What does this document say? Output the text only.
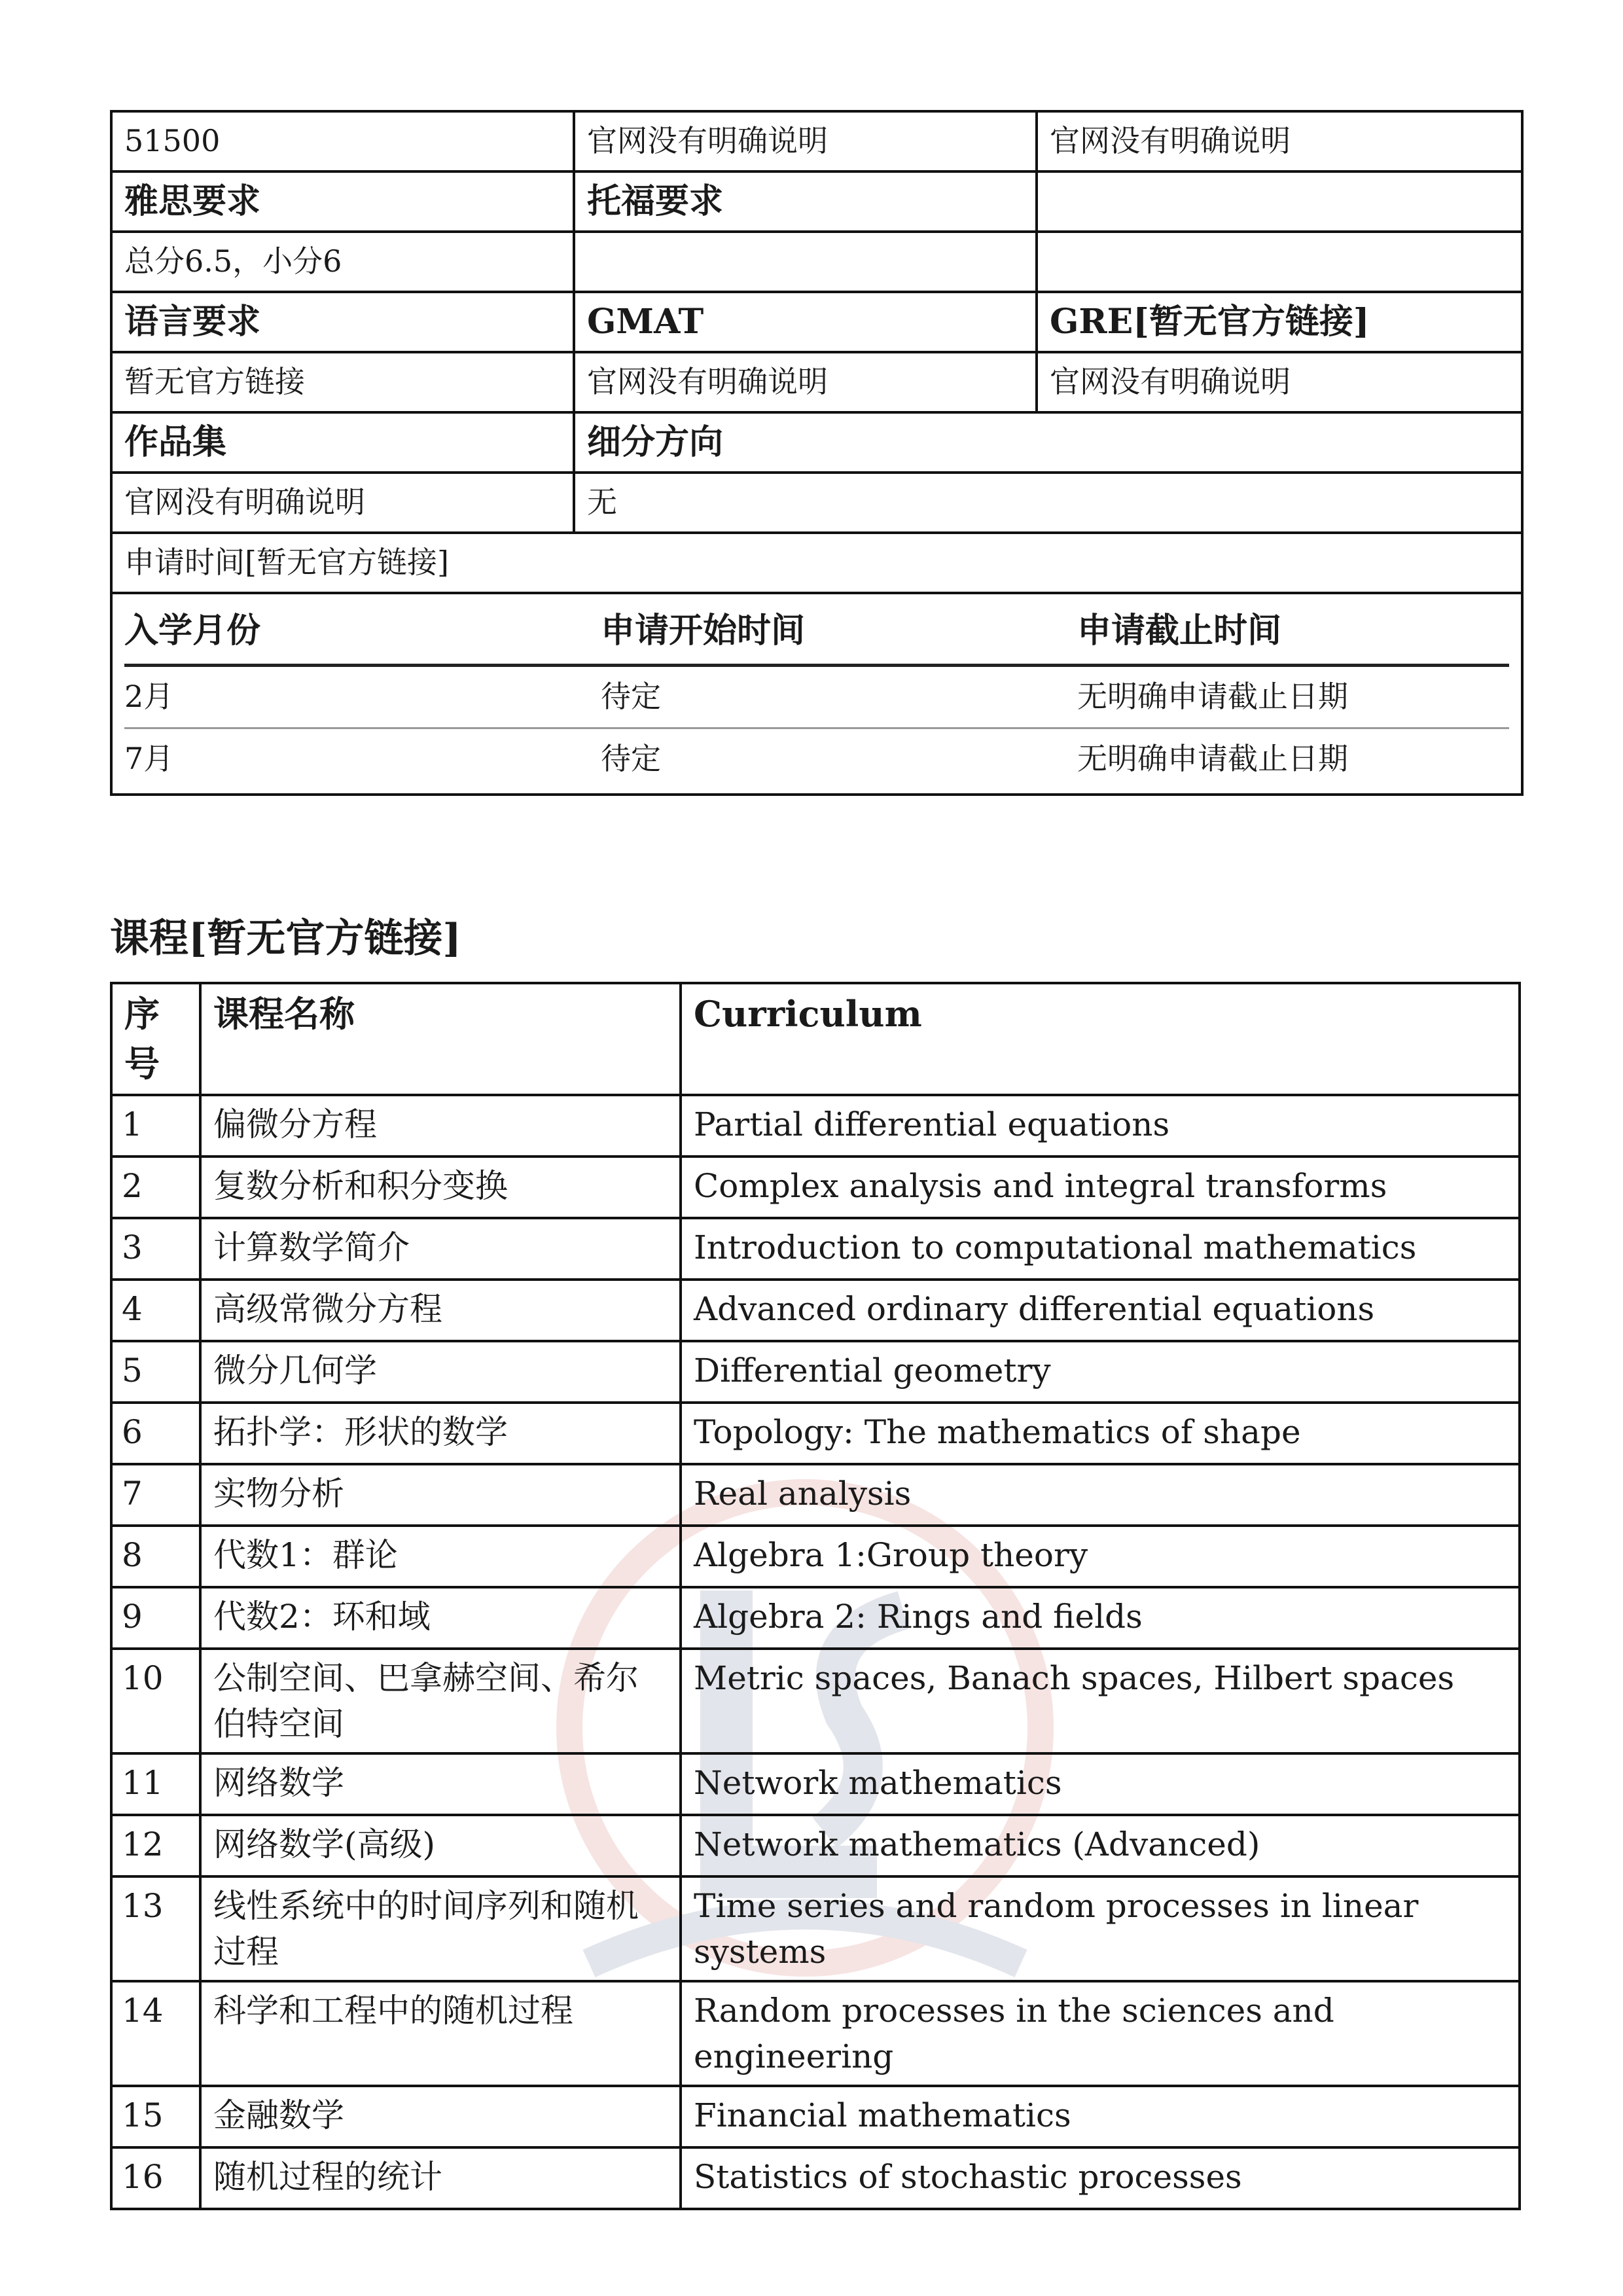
51500	官网没有明确说明	官网没有明确说明
雅思要求	托福要求	
总分6.5，小分6		
语言要求	GMAT	GRE[暂无官方链接]
暂无官方链接	官网没有明确说明	官网没有明确说明
作品集	细分方向
官网没有明确说明	无
申请时间[暂无官方链接]

入学月份	申请开始时间	申请截止时间
2月	待定	无明确申请截止日期
7月	待定	无明确申请截止日期
课程[暂无官方链接]
序号	课程名称	Curriculum
1	偏微分方程	Partial differential equations
2	复数分析和积分变换	Complex analysis and integral transforms
3	计算数学简介	Introduction to computational mathematics
4	高级常微分方程	Advanced ordinary differential equations
5	微分几何学	Differential geometry
6	拓扑学：形状的数学	Topology: The mathematics of shape
7	实物分析	Real analysis
8	代数1：群论	Algebra 1:Group theory
9	代数2：环和域	Algebra 2: Rings and fields
10	公制空间、巴拿赫空间、希尔伯特空间	Metric spaces, Banach spaces, Hilbert spaces
11	网络数学	Network mathematics
12	网络数学(高级)	Network mathematics (Advanced)
13	线性系统中的时间序列和随机过程	Time series and random processes in linear systems
14	科学和工程中的随机过程	Random processes in the sciences and engineering
15	金融数学	Financial mathematics
16	随机过程的统计	Statistics of stochastic processes
